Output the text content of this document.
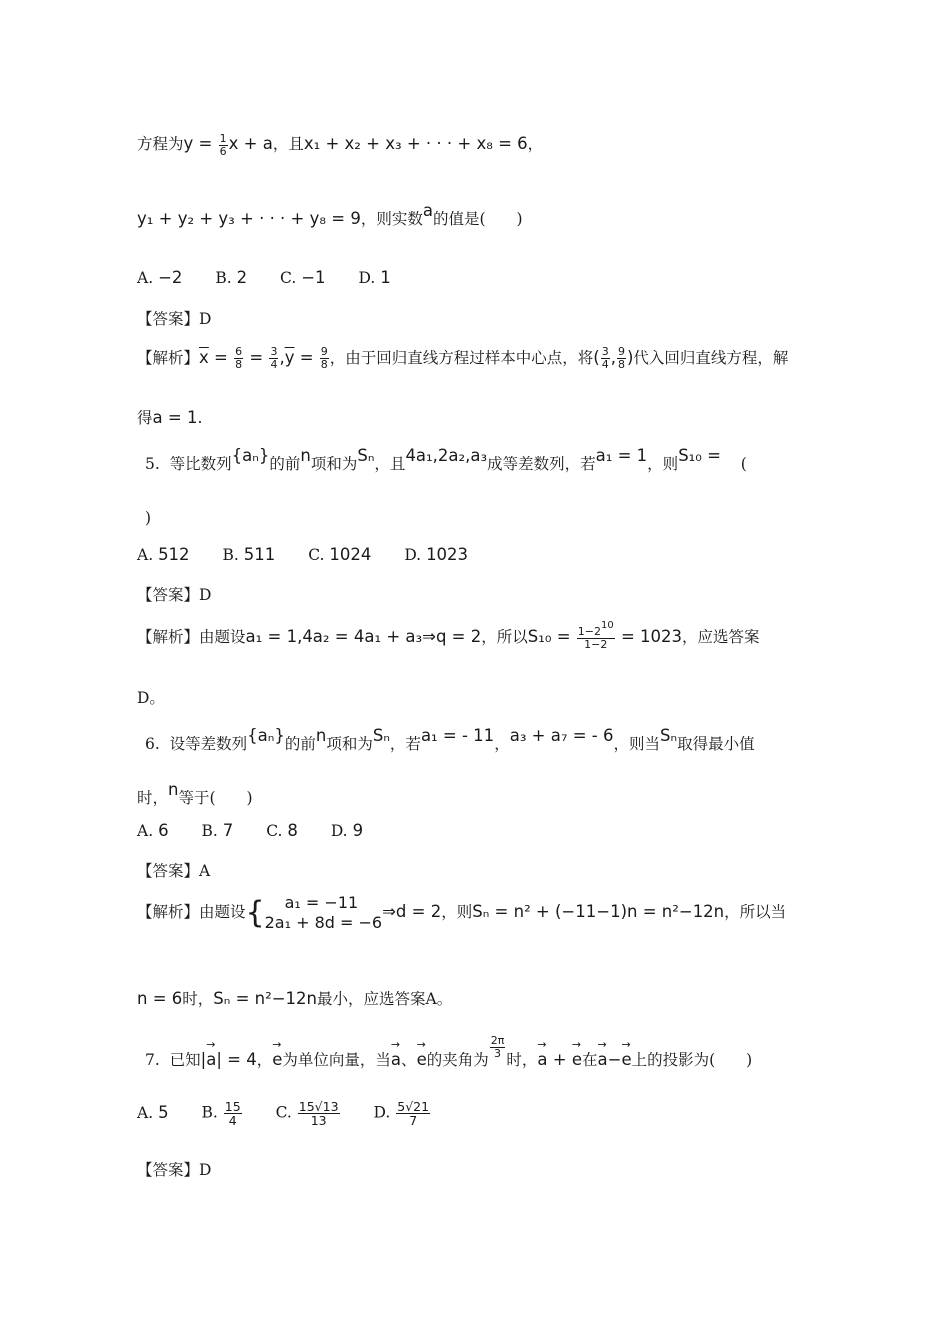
方程为$y = \frac{1}{6}$ x + a，且x₁ + x₂ + x₃ + · · · + x₈ = 6，
y₁ + y₂ + y₃ + · · · + y₈ = 9，则实数a的值是(　　)
A. −2 B. 2 C. −1 D. 1
【答案】D
【解析】$\overline{x} = \frac{6}{8} = \frac{3}{4} ,\overline{y} = \frac{9}{8}$ ，由于回归直线方程过样本中心点，将( $\frac{3}{4}$ , $\frac{9}{8}$ )代入回归直线方程，解
得a = 1.
5. 等比数列{aₙ}的前n项和为Sₙ，且4a₁,2a₂,a₃成等差数列，若a₁ = 1，则S₁₀ = (
)
A. 512 B. 511 C. 1024 D. 1023
【答案】D
【解析】由题设a₁ = 1,4a₂ = 4a₁ + a₃⇒q = 2，所以$S_{10} = \frac{1-2^{10}}{1-2} = 1023$，应选答案
D。
6. 设等差数列{aₙ}的前n项和为Sₙ，若a₁ = - 11，a₃ + a₇ = - 6，则当Sₙ取得最小值
时，n等于(　　)
A. 6 B. 7 C. 8 D. 9
【答案】A
【解析】由题设{	a₁ = −11
2a₁ + 8d = −6
⇒d = 2，则Sₙ = n² + (−11−1)n = n²−12n，所以当
n = 6时，Sₙ = n²−12n最小，应选答案A。
7. 已知|→ a| = 4，→ e为单位向量，当→ a、→ e的夹角为
$\frac{2\pi}{3}$
时，→ a + → e在→ a−→ e上的投影为(　　)
A. 5 B. $\frac{15}{4} C$. $\frac{15√13}{13} D$. $\frac{5√21}{7}$
【答案】D
